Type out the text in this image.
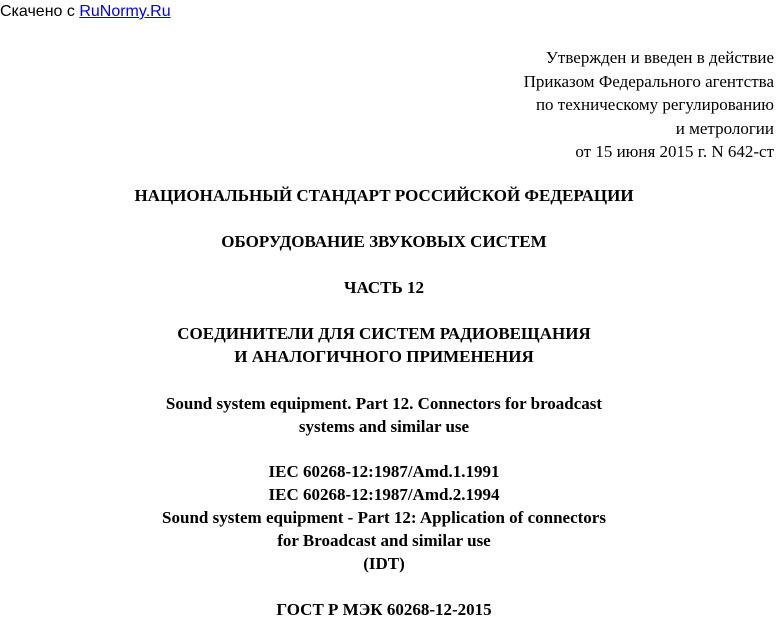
Скачено с RuNormy.Ru
Утвержден и введен в действие
Приказом Федерального агентства
по техническому регулированию
и метрологии
от 15 июня 2015 г. N 642-ст
НАЦИОНАЛЬНЫЙ СТАНДАРТ РОССИЙСКОЙ ФЕДЕРАЦИИ
ОБОРУДОВАНИЕ ЗВУКОВЫХ СИСТЕМ
ЧАСТЬ 12
СОЕДИНИТЕЛИ ДЛЯ СИСТЕМ РАДИОВЕЩАНИЯ
И АНАЛОГИЧНОГО ПРИМЕНЕНИЯ
Sound system equipment. Part 12. Connectors for broadcast
systems and similar use
IEC 60268-12:1987/Amd.1.1991
IEC 60268-12:1987/Amd.2.1994
Sound system equipment - Part 12: Application of connectors
for Broadcast and similar use
(IDT)
ГОСТ Р МЭК 60268-12-2015
